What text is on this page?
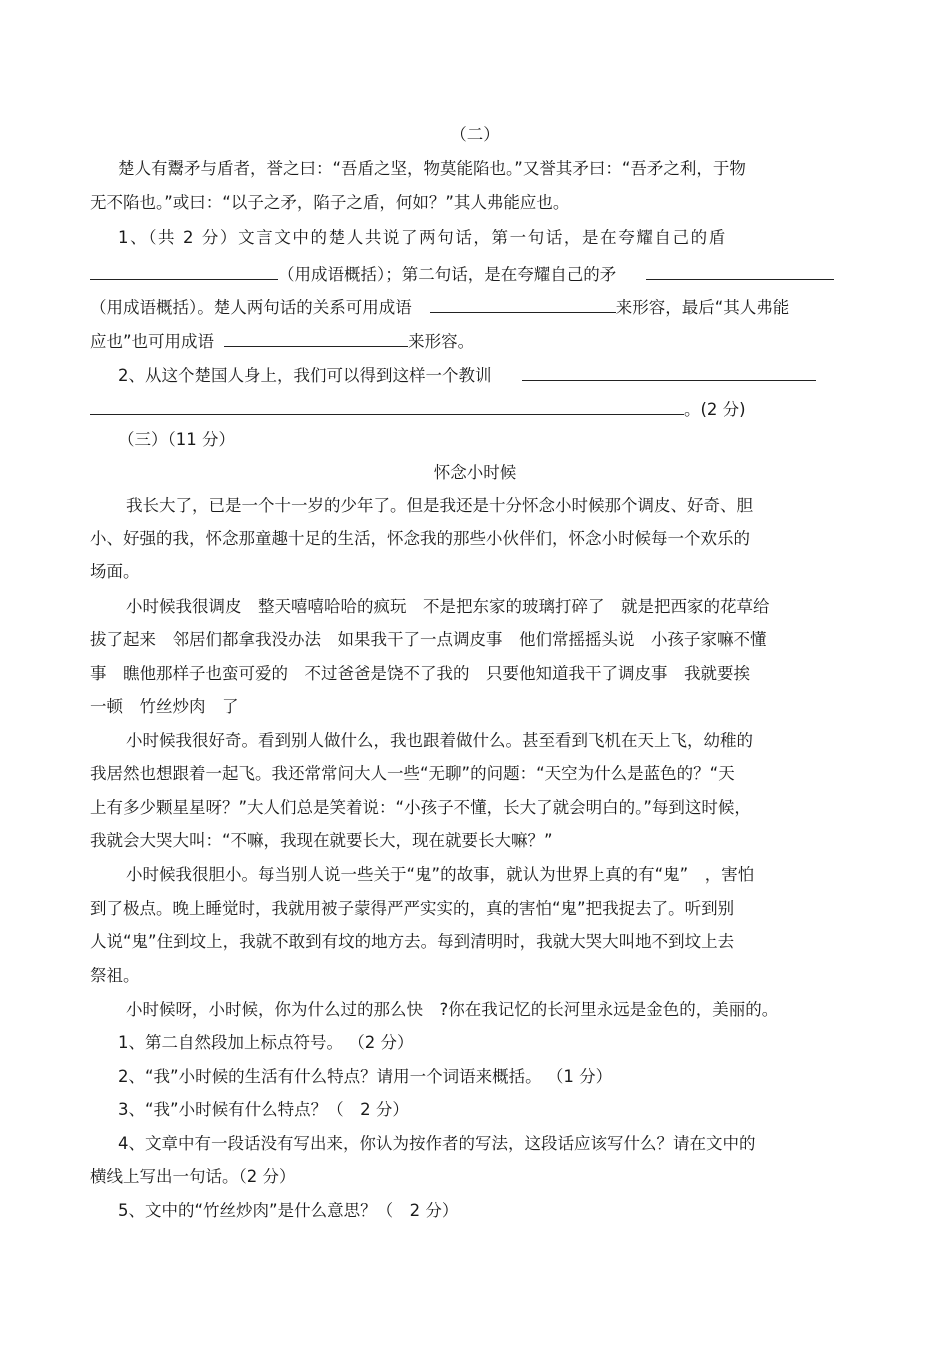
（二）
楚人有鬻矛与盾者，誉之曰：“吾盾之坚，物莫能陷也。”又誉其矛曰：“吾矛之利，于物
无不陷也。”或曰：“以子之矛，陷子之盾，何如？”其人弗能应也。
1、（共 2 分）文言文中的楚人共说了两句话，第一句话，是在夸耀自己的盾
（用成语概括）；第二句话，是在夸耀自己的矛
（用成语概括）。楚人两句话的关系可用成语	来形容，最后“其人弗能
应也”也可用成语	来形容。
2、从这个楚国人身上，我们可以得到这样一个教训
。(2 分)
（三）（11 分）
怀念小时候
我长大了，已是一个十一岁的少年了。但是我还是十分怀念小时候那个调皮、好奇、胆
小、好强的我，怀念那童趣十足的生活，怀念我的那些小伙伴们，怀念小时候每一个欢乐的
场面。
小时候我很调皮　整天嘻嘻哈哈的疯玩　不是把东家的玻璃打碎了　就是把西家的花草给
拔了起来　邻居们都拿我没办法　如果我干了一点调皮事　他们常摇摇头说　小孩子家嘛不懂
事　瞧他那样子也蛮可爱的　不过爸爸是饶不了我的　只要他知道我干了调皮事　我就要挨
一顿　竹丝炒肉　了
小时候我很好奇。看到别人做什么，我也跟着做什么。甚至看到飞机在天上飞，幼稚的
我居然也想跟着一起飞。我还常常问大人一些“无聊”的问题：“天空为什么是蓝色的？“天
上有多少颗星星呀？”大人们总是笑着说：“小孩子不懂，长大了就会明白的。”每到这时候，
我就会大哭大叫：“不嘛，我现在就要长大，现在就要长大嘛？”
小时候我很胆小。每当别人说一些关于“鬼”的故事，就认为世界上真的有“鬼”　，害怕
到了极点。晚上睡觉时，我就用被子蒙得严严实实的，真的害怕“鬼”把我捉去了。听到别
人说“鬼”住到坟上，我就不敢到有坟的地方去。每到清明时，我就大哭大叫地不到坟上去
祭祖。
小时候呀，小时候，你为什么过的那么快　?你在我记忆的长河里永远是金色的，美丽的。
1、第二自然段加上标点符号。 （2 分）
2、“我”小时候的生活有什么特点？请用一个词语来概括。 （1 分）
3、“我”小时候有什么特点？（　2 分）
4、文章中有一段话没有写出来，你认为按作者的写法，这段话应该写什么？请在文中的
横线上写出一句话。（2 分）
5、文中的“竹丝炒肉”是什么意思？（　2 分）
